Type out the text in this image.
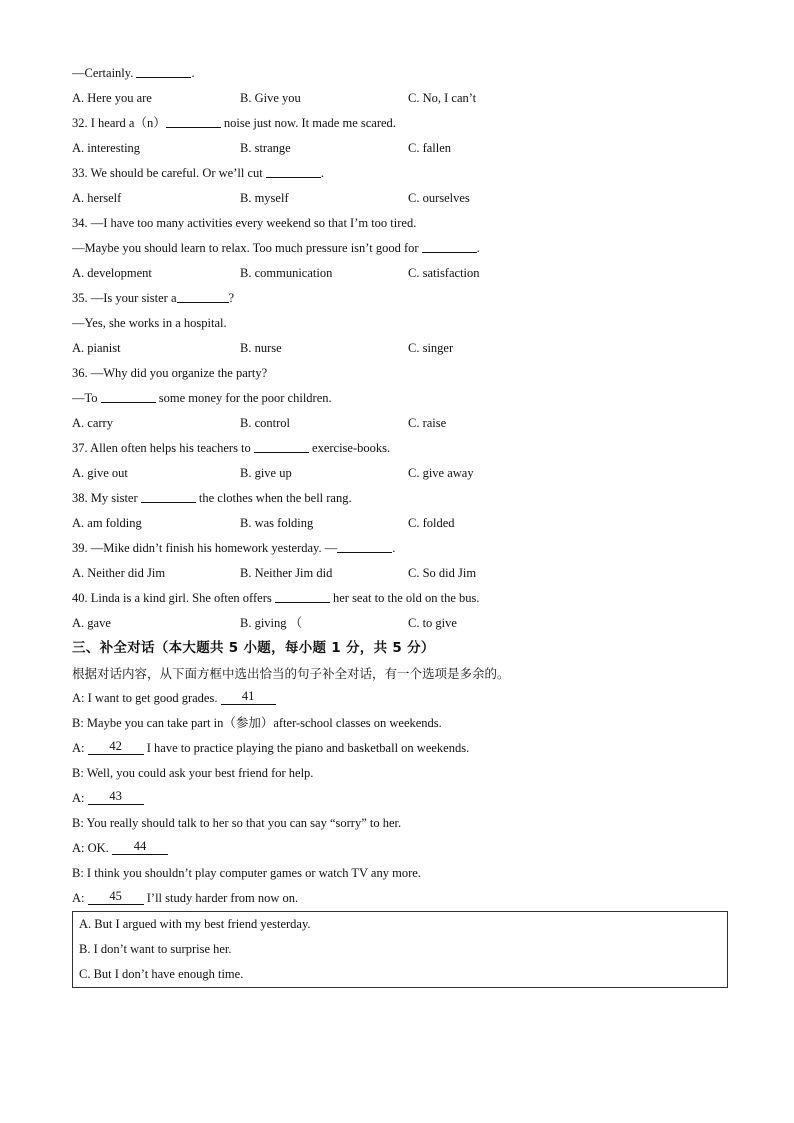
—Certainly.	.
A. Here you are	B. Give you	C. No, I can’t
32. I heard a（n）	noise just now. It made me scared.
A. interesting	B. strange	C. fallen
33. We should be careful. Or we’ll cut	.
A. herself	B. myself	C. ourselves
34. —I have too many activities every weekend so that I’m too tired.
—Maybe you should learn to relax. Too much pressure isn’t good for	.
A. development	B. communication	C. satisfaction
35. —Is your sister a	?
—Yes, she works in a hospital.
A. pianist	B. nurse	C. singer
36. —Why did you organize the party?
—To	some money for the poor children.
A. carry	B. control	C. raise
37. Allen often helps his teachers to	exercise-books.
A. give out	B. give up	C. give away
38. My sister	the clothes when the bell rang.
A. am folding	B. was folding	C. folded
39. —Mike didn’t finish his homework yesterday. —	.
A. Neither did Jim	B. Neither Jim did	C. So did Jim
40. Linda is a kind girl. She often offers	her seat to the old on the bus.
A. gave	B. giving （	C. to give
三、补全对话（本大题共 5 小题，每小题 1 分，共 5 分）
根据对话内容，从下面方框中选出恰当的句子补全对话，有一个选项是多余的。
A: I want to get good grades. 41
B: Maybe you can take part in（参加）after-school classes on weekends.
A: 42 I have to practice playing the piano and basketball on weekends.
B: Well, you could ask your best friend for help.
A: 43
B: You really should talk to her so that you can say “sorry” to her.
A: OK. 44
B: I think you shouldn’t play computer games or watch TV any more.
A: 45 I’ll study harder from now on.
A. But I argued with my best friend yesterday.
B. I don’t want to surprise her.
C. But I don’t have enough time.
